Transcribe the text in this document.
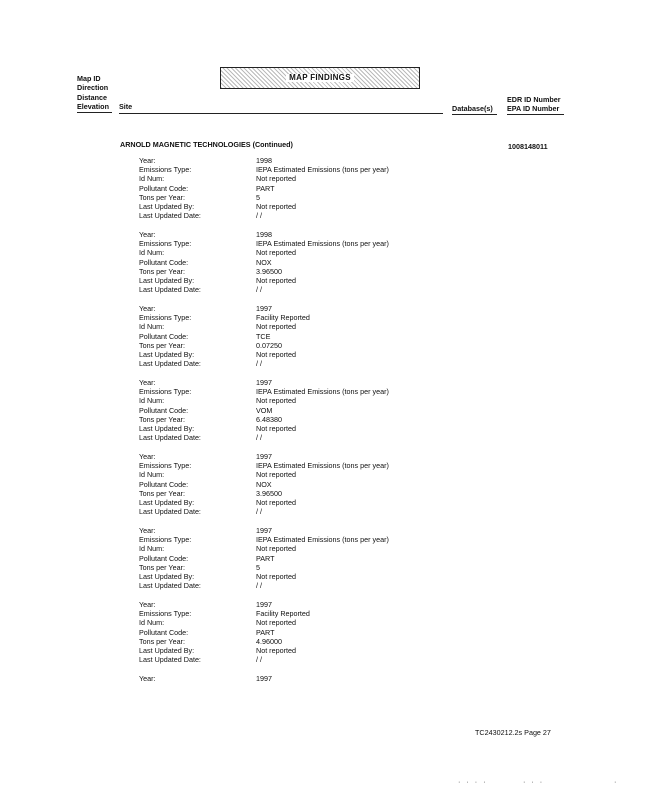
Map ID
Direction
Distance
Elevation
MAP FINDINGS
Site	Database(s)
EDR ID Number
EPA ID Number
ARNOLD MAGNETIC TECHNOLOGIES (Continued)	1008148011
Year:	1998
Emissions Type:	IEPA Estimated Emissions (tons per year)
Id Num:	Not reported
Pollutant Code:	PART
Tons per Year:	5
Last Updated By:	Not reported
Last Updated Date:	/ /
Year:	1998
Emissions Type:	IEPA Estimated Emissions (tons per year)
Id Num:	Not reported
Pollutant Code:	NOX
Tons per Year:	3.96500
Last Updated By:	Not reported
Last Updated Date:	/ /
Year:	1997
Emissions Type:	Facility Reported
Id Num:	Not reported
Pollutant Code:	TCE
Tons per Year:	0.07250
Last Updated By:	Not reported
Last Updated Date:	/ /
Year:	1997
Emissions Type:	IEPA Estimated Emissions (tons per year)
Id Num:	Not reported
Pollutant Code:	VOM
Tons per Year:	6.48380
Last Updated By:	Not reported
Last Updated Date:	/ /
Year:	1997
Emissions Type:	IEPA Estimated Emissions (tons per year)
Id Num:	Not reported
Pollutant Code:	NOX
Tons per Year:	3.96500
Last Updated By:	Not reported
Last Updated Date:	/ /
Year:	1997
Emissions Type:	IEPA Estimated Emissions (tons per year)
Id Num:	Not reported
Pollutant Code:	PART
Tons per Year:	5
Last Updated By:	Not reported
Last Updated Date:	/ /
Year:	1997
Emissions Type:	Facility Reported
Id Num:	Not reported
Pollutant Code:	PART
Tons per Year:	4.96000
Last Updated By:	Not reported
Last Updated Date:	/ /
Year:	1997
TC2430212.2s Page 27
· · · ·	· · ·	·
